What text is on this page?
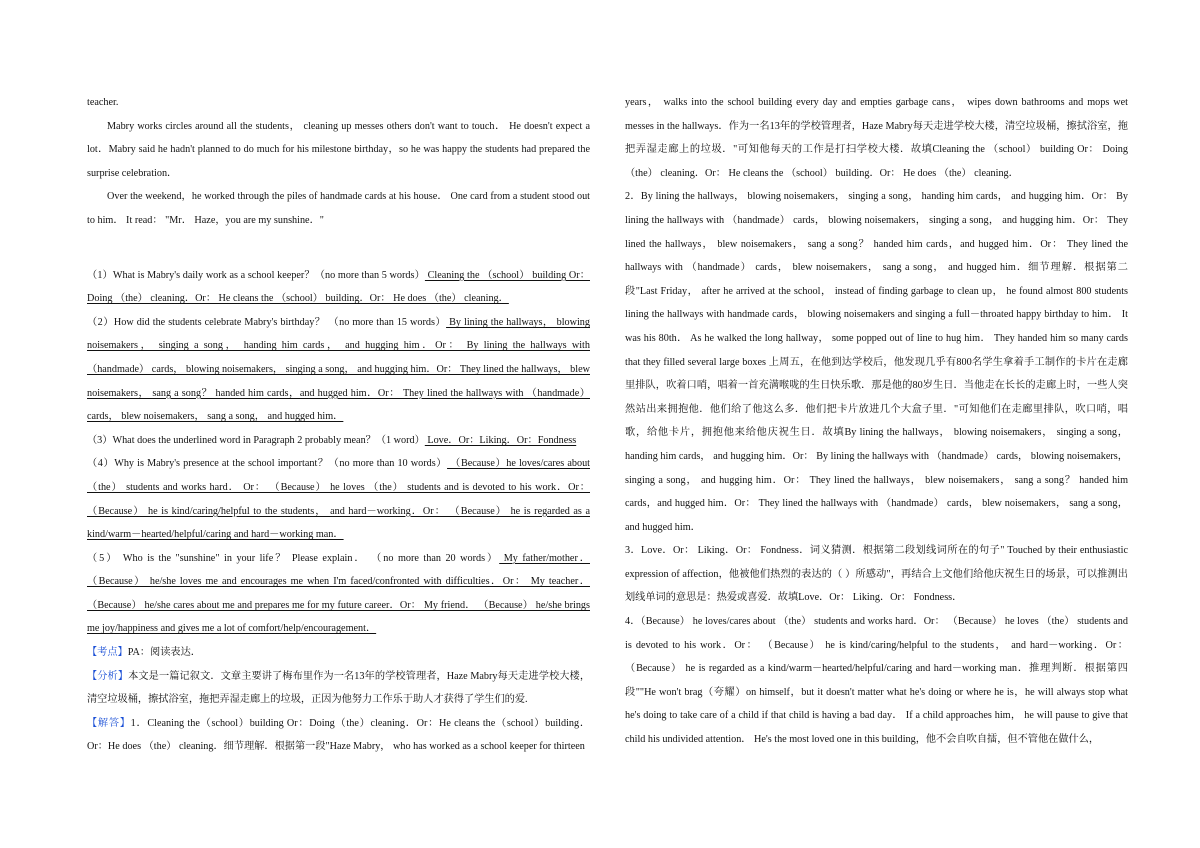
teacher.

Mabry works circles around all the students， cleaning up messes others don't want to touch． He doesn't expect a lot．Mabry said he hadn't planned to do much for his milestone birthday，so he was happy the students had prepared the surprise celebration．

Over the weekend，he worked through the piles of handmade cards at his house． One card from a student stood out to him． It read： "Mr． Haze，you are my sunshine．"

（1）What is Mabry's daily work as a school keeper？（no more than 5 words） Cleaning the （school） building Or： Doing （the） cleaning．Or： He cleans the （school） building．Or： He does （the） cleaning．

（2）How did the students celebrate Mabry's birthday？ （no more than 15 words） By lining the hallways， blowing noisemakers， singing a song， handing him cards， and hugging him．Or： By lining the hallways with （handmade） cards， blowing noisemakers， singing a song， and hugging him．Or： They lined the hallways， blew noisemakers， sang a song？ handed him cards，and hugged him．Or： They lined the hallways with （handmade） cards， blew noisemakers， sang a song， and hugged him．

（3）What does the underlined word in Paragraph 2 probably mean？（1 word） Love．Or：Liking．Or：Fondness

（4）Why is Mabry's presence at the school important？（no more than 10 words） （Because）he loves/cares about （the） students and works hard． Or： （Because） he loves （the） students and is devoted to his work．Or： （Because） he is kind/caring/helpful to the students， and hard－working．Or： （Because） he is regarded as a kind/warm－hearted/helpful/caring and hard－working man．

（5） Who is the "sunshine" in your life？ Please explain． （no more than 20 words） My father/mother． （Because） he/she loves me and encourages me when I'm faced/confronted with difficulties．Or： My teacher． （Because） he/she cares about me and prepares me for my future career．Or： My friend． （Because） he/she brings me joy/happiness and gives me a lot of comfort/help/encouragement．

【考点】PA：阅读表达．

【分析】本文是一篇记叙文．文章主要讲了梅布里作为一名13年的学校管理者，Haze Mabry每天走进学校大楼，清空垃圾桶，擦拭浴室，拖把弄湿走廊上的垃圾，正因为他努力工作乐于助人才获得了学生们的爱.

【解答】1．Cleaning the（school）building Or：Doing（the）cleaning．Or：He cleans the（school）building．Or：He does （the） cleaning．细节理解．根据第一段"Haze Mabry， who has worked as a school keeper for thirteen

years， walks into the school building every day and empties garbage cans， wipes down bathrooms and mops wet messes in the hallways．作为一名13年的学校管理者，Haze Mabry每天走进学校大楼，清空垃圾桶，擦拭浴室，拖把弄湿走廊上的垃圾．"可知他每天的工作是打扫学校大楼．故填Cleaning the （school） building Or： Doing （the） cleaning．Or： He cleans the （school） building．Or： He does （the） cleaning．

2．By lining the hallways， blowing noisemakers， singing a song， handing him cards， and hugging him．Or： By lining the hallways with （handmade） cards， blowing noisemakers， singing a song， and hugging him．Or： They lined the hallways， blew noisemakers， sang a song？ handed him cards，and hugged him．Or： They lined the hallways with （handmade） cards， blew noisemakers， sang a song， and hugged him．细节理解．根据第二段"Last Friday， after he arrived at the school， instead of finding garbage to clean up， he found almost 800 students lining the hallways with handmade cards， blowing noisemakers and singing a full－throated happy birthday to him． It was his 80th． As he walked the long hallway， some popped out of line to hug him． They handed him so many cards that they filled several large boxes 上周五，在他到达学校后，他发现几乎有800名学生拿着手工制作的卡片在走廊里排队，吹着口哨，唱着一首充满喉咙的生日快乐歌．那是他的80岁生日．当他走在长长的走廊上时，一些人突然站出来拥抱他．他们给了他这么多．他们把卡片放进几个大盒子里．"可知他们在走廊里排队，吹口哨，唱歌，给他卡片，拥抱他来给他庆祝生日．故填By lining the hallways， blowing noisemakers， singing a song， handing him cards， and hugging him．Or： By lining the hallways with （handmade） cards， blowing noisemakers， singing a song， and hugging him．Or： They lined the hallways， blew noisemakers， sang a song？ handed him cards，and hugged him．Or： They lined the hallways with （handmade） cards， blew noisemakers， sang a song， and hugged him．

3．Love．Or： Liking．Or： Fondness．词义猜测．根据第二段划线词所在的句子" Touched by their enthusiastic expression of affection，他被他们热烈的表达的（ ）所感动"，再结合上文他们给他庆祝生日的场景，可以推测出划线单词的意思是：热爱或喜爱．故填Love．Or： Liking．Or： Fondness．

4．（Because） he loves/cares about （the） students and works hard．Or： （Because） he loves （the） students and is devoted to his work．Or： （Because） he is kind/caring/helpful to the students， and hard－working．Or： （Because） he is regarded as a kind/warm－hearted/helpful/caring and hard－working man．推理判断．根据第四段""He won't brag（夸耀）on himself，but it doesn't matter what he's doing or where he is，he will always stop what he's doing to take care of a child if that child is having a bad day． If a child approaches him， he will pause to give that child his undivided attention． He's the most loved one in this building，他不会自吹自擂，但不管他在做什么，
